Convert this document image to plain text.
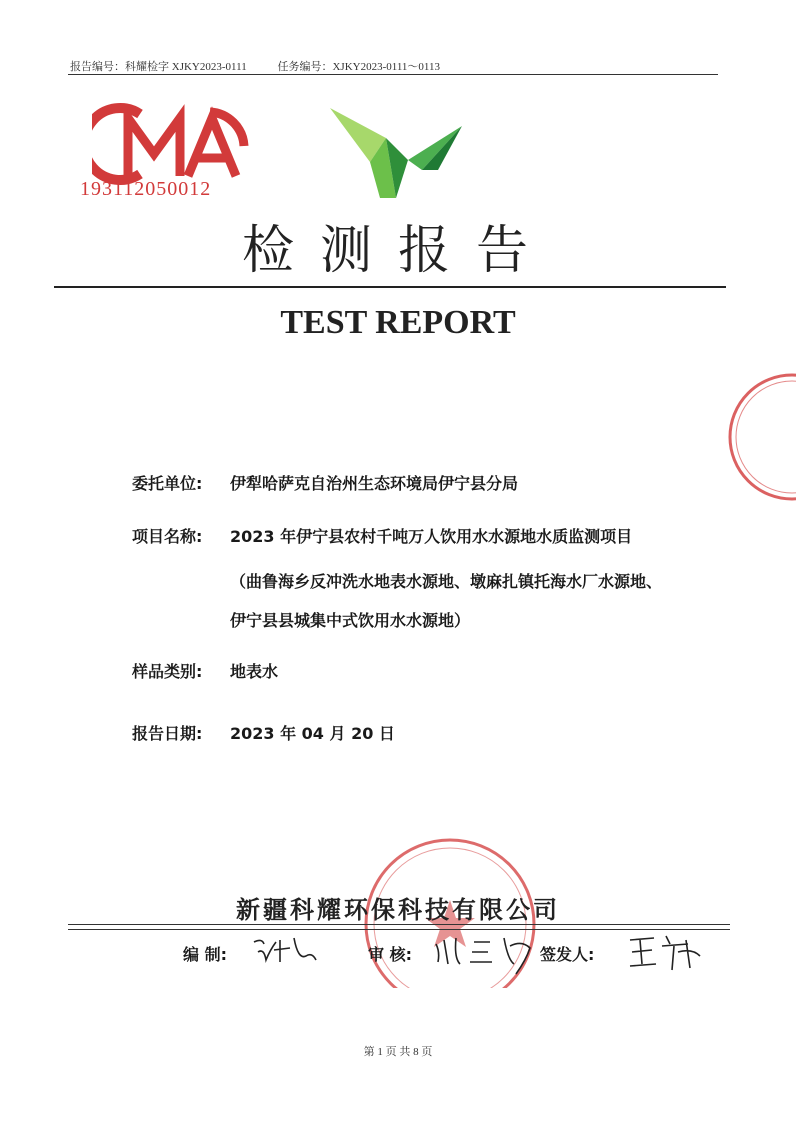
报告编号：科耀检字 XJKY2023-0111	任务编号：XJKY2023-0111～0113
193112050012
检测报告
TEST REPORT
委托单位: 伊犁哈萨克自治州生态环境局伊宁县分局
项目名称: 2023 年伊宁县农村千吨万人饮用水水源地水质监测项目
（曲鲁海乡反冲洗水地表水源地、墩麻扎镇托海水厂水源地、
伊宁县县城集中式饮用水水源地）
样品类别: 地表水
报告日期: 2023 年 04 月 20 日
新疆科耀环保科技有限公司
编 制:	审 核:	签发人:
第 1 页 共 8 页
